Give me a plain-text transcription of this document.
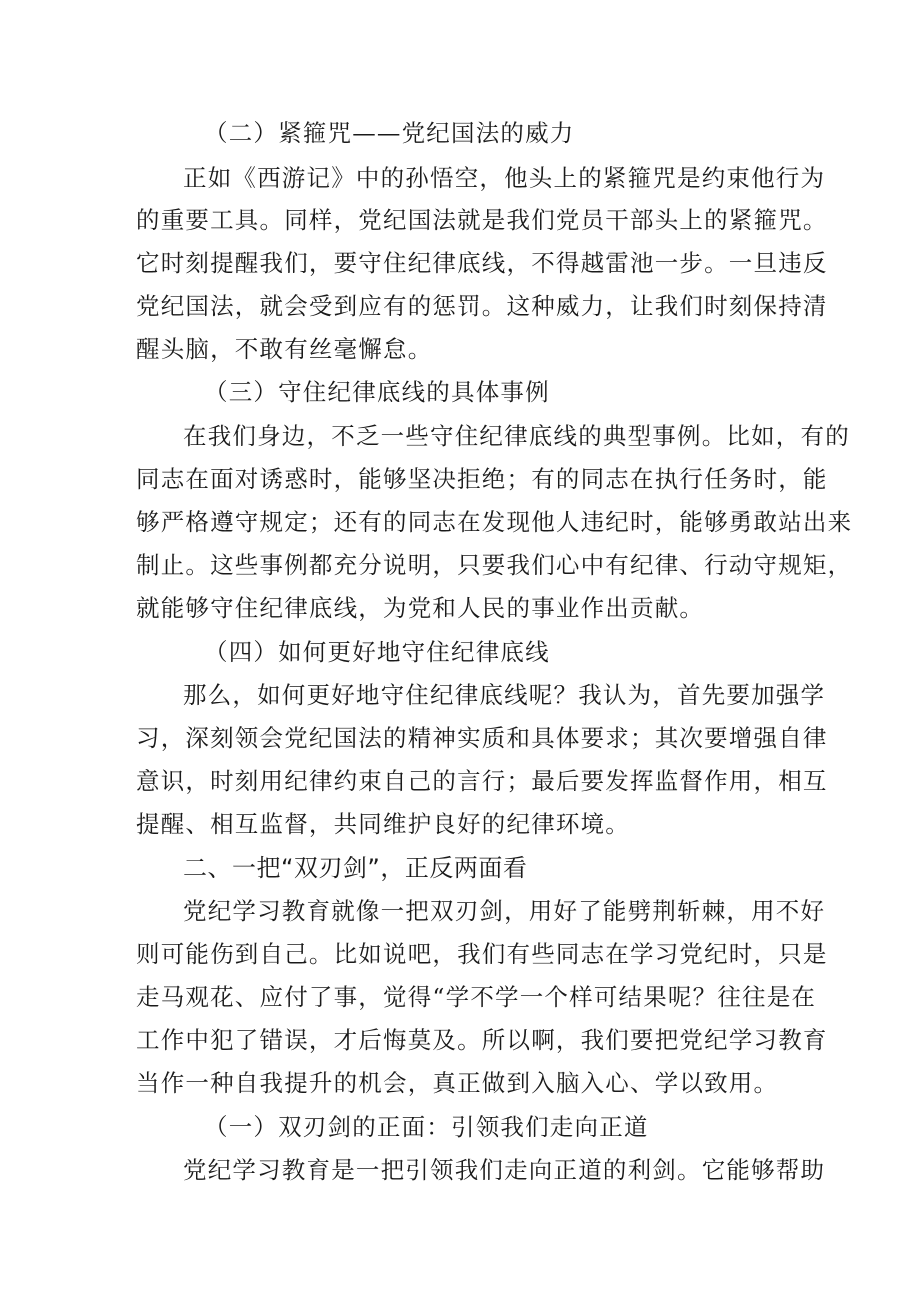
（二）紧箍咒——党纪国法的威力
正如《西游记》中的孙悟空，他头上的紧箍咒是约束他行为
的重要工具。同样，党纪国法就是我们党员干部头上的紧箍咒。
它时刻提醒我们，要守住纪律底线，不得越雷池一步。一旦违反
党纪国法，就会受到应有的惩罚。这种威力，让我们时刻保持清
醒头脑，不敢有丝毫懈怠。
（三）守住纪律底线的具体事例
在我们身边，不乏一些守住纪律底线的典型事例。比如，有的
同志在面对诱惑时，能够坚决拒绝；有的同志在执行任务时，能
够严格遵守规定；还有的同志在发现他人违纪时，能够勇敢站出来
制止。这些事例都充分说明，只要我们心中有纪律、行动守规矩，
就能够守住纪律底线，为党和人民的事业作出贡献。
（四）如何更好地守住纪律底线
那么，如何更好地守住纪律底线呢？我认为，首先要加强学
习，深刻领会党纪国法的精神实质和具体要求；其次要增强自律
意识，时刻用纪律约束自己的言行；最后要发挥监督作用，相互
提醒、相互监督，共同维护良好的纪律环境。
二、一把“双刃剑”，正反两面看
党纪学习教育就像一把双刃剑，用好了能劈荆斩棘，用不好
则可能伤到自己。比如说吧，我们有些同志在学习党纪时，只是
走马观花、应付了事，觉得“学不学一个样可结果呢？往往是在
工作中犯了错误，才后悔莫及。所以啊，我们要把党纪学习教育
当作一种自我提升的机会，真正做到入脑入心、学以致用。
（一）双刃剑的正面：引领我们走向正道
党纪学习教育是一把引领我们走向正道的利剑。它能够帮助
